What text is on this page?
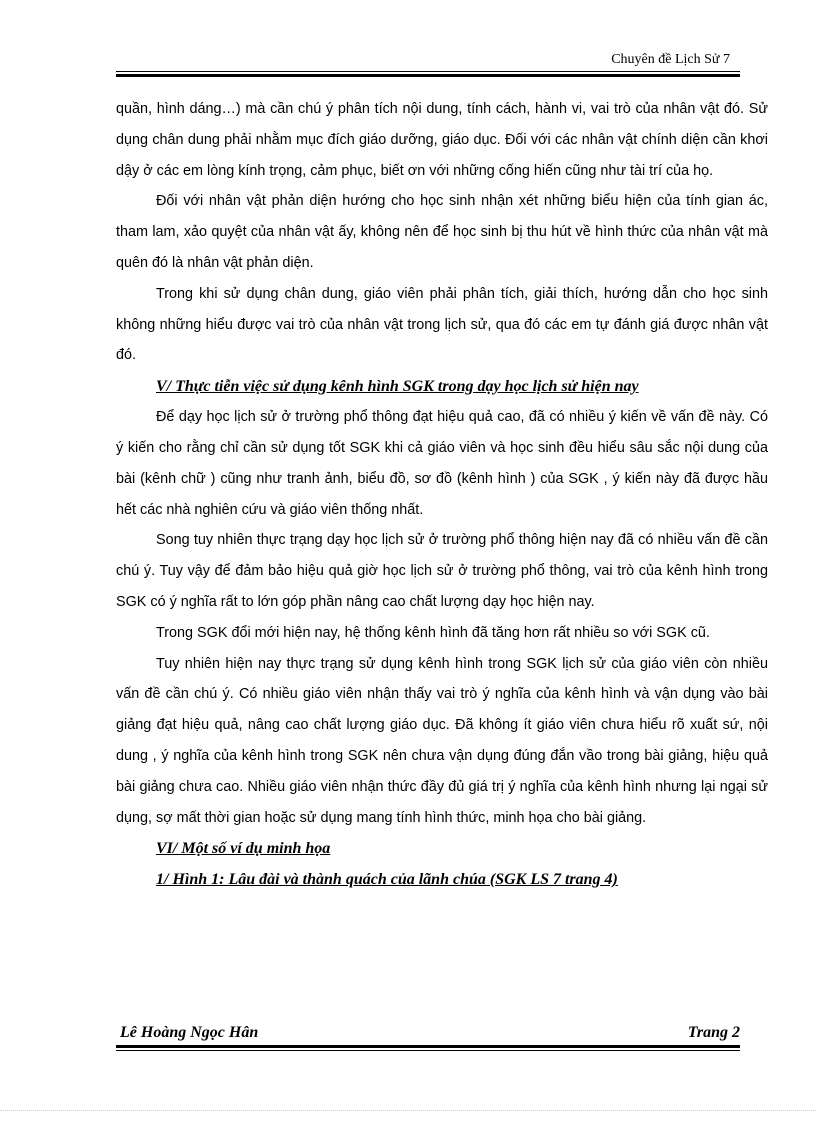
Chuyên đề Lịch Sử 7

quần, hình dáng…) mà cần chú ý phân tích nội dung, tính cách, hành vi, vai trò của nhân vật đó. Sử dụng chân dung phải nhằm mục đích giáo dưỡng, giáo dục. Đối với các nhân vật chính diện cần khơi dậy ở các em lòng kính trọng, cảm phục, biết ơn với những cống hiến cũng như tài trí của họ.

Đối với nhân vật phản diện hướng cho học sinh nhận xét những biểu hiện của tính gian ác, tham lam, xảo quyệt của nhân vật ấy, không nên để học sinh bị thu hút về hình thức của nhân vật mà quên đó là nhân vật phản diện.

Trong khi sử dụng chân dung, giáo viên phải phân tích, giải thích, hướng dẫn cho học sinh không những hiểu được vai trò của nhân vật trong lịch sử, qua đó các em tự đánh giá được nhân vật đó.

V/ Thực tiễn việc sử dụng kênh hình SGK trong dạy học lịch sử hiện nay

Để dạy học lịch sử ở trường phổ thông đạt hiệu quả cao, đã có nhiều ý kiến về vấn đề này. Có ý kiến cho rằng chỉ cần sử dụng tốt SGK khi cả giáo viên và học sinh đều hiểu sâu sắc nội dung của bài (kênh chữ ) cũng như tranh ảnh, biểu đồ, sơ đồ (kênh hình ) của SGK , ý kiến này đã được hầu hết các nhà nghiên cứu và giáo viên thống nhất.

Song tuy nhiên thực trạng dạy học lịch sử ở trường phổ thông hiện nay đã có nhiều vấn đề cần chú ý. Tuy vậy để đảm bảo hiệu quả giờ học lịch sử ở trường phổ thông, vai trò của kênh hình trong SGK có ý nghĩa rất to lớn góp phần nâng cao chất lượng dạy học hiện nay.

Trong SGK đổi mới hiện nay, hệ thống kênh hình đã tăng hơn rất nhiều so với SGK cũ.

Tuy nhiên hiện nay thực trạng sử dụng kênh hình trong SGK lịch sử của giáo viên còn nhiều vấn đề cần chú ý. Có nhiều giáo viên nhận thấy vai trò ý nghĩa của kênh hình và vận dụng vào bài giảng đạt hiệu quả, nâng cao chất lượng giáo dục. Đã không ít giáo viên chưa hiểu rõ xuất sứ, nội dung , ý nghĩa của kênh hình trong SGK nên chưa vận dụng đúng đắn vầo trong bài giảng, hiệu quả bài giảng chưa cao. Nhiều giáo viên nhận thức đầy đủ giá trị ý nghĩa của kênh hình nhưng lại ngại sử dụng, sợ mất thời gian hoặc sử dụng mang tính hình thức, minh họa cho bài giảng.

VI/ Một số ví dụ minh họa
1/ Hình 1: Lâu đài và thành quách của lãnh chúa (SGK LS 7 trang 4)
Lê Hoàng Ngọc Hân	Trang 2
